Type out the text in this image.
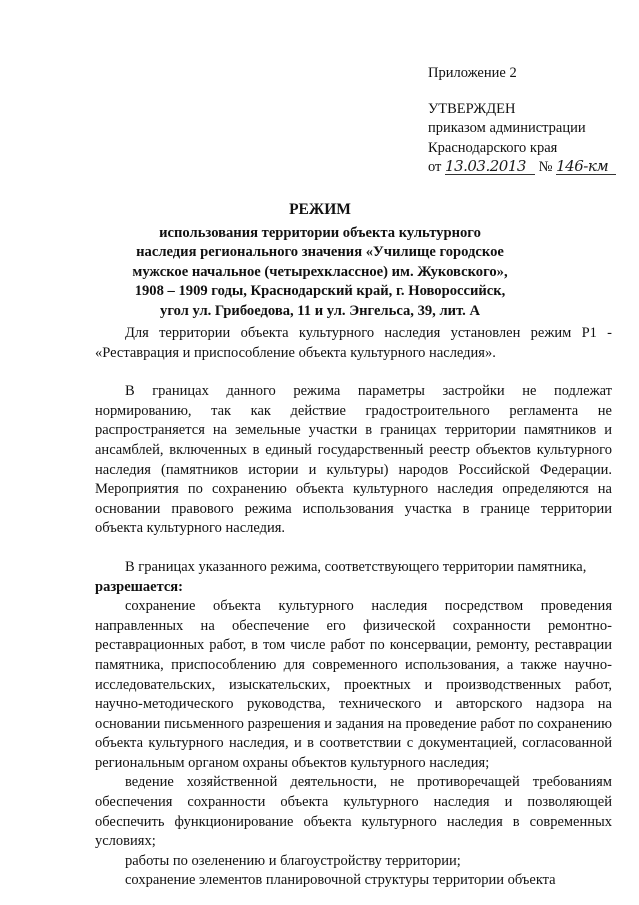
Приложение 2
УТВЕРЖДЕН
приказом администрации
Краснодарского края
от 13.03.2013 № 146-км
РЕЖИМ
использования территории объекта культурного
наследия регионального значения «Училище городское
мужское начальное (четырехклассное) им. Жуковского»,
1908 – 1909 годы, Краснодарский край, г. Новороссийск,
угол ул. Грибоедова, 11 и ул. Энгельса, 39, лит. А

Для территории объекта культурного наследия установлен режим Р1 - «Реставрация и приспособление объекта культурного наследия».

В границах данного режима параметры застройки не подлежат нормированию, так как действие градостроительного регламента не распространяется на земельные участки в границах территории памятников и ансамблей, включенных в единый государственный реестр объектов культурного наследия (памятников истории и культуры) народов Российской Федерации. Мероприятия по сохранению объекта культурного наследия определяются на основании правового режима использования участка в границе территории объекта культурного наследия.

В границах указанного режима, соответствующего территории памятника,

разрешается:

сохранение объекта культурного наследия посредством проведения направленных на обеспечение его физической сохранности ремонтно-реставрационных работ, в том числе работ по консервации, ремонту, реставрации памятника, приспособлению для современного использования, а также научно-исследовательских, изыскательских, проектных и производственных работ, научно-методического руководства, технического и авторского надзора на основании письменного разрешения и задания на проведение работ по сохранению объекта культурного наследия, и в соответствии с документацией, согласованной региональным органом охраны объектов культурного наследия;

ведение хозяйственной деятельности, не противоречащей требованиям обеспечения сохранности объекта культурного наследия и позволяющей обеспечить функционирование объекта культурного наследия в современных условиях;

работы по озеленению и благоустройству территории;

сохранение элементов планировочной структуры территории объекта
